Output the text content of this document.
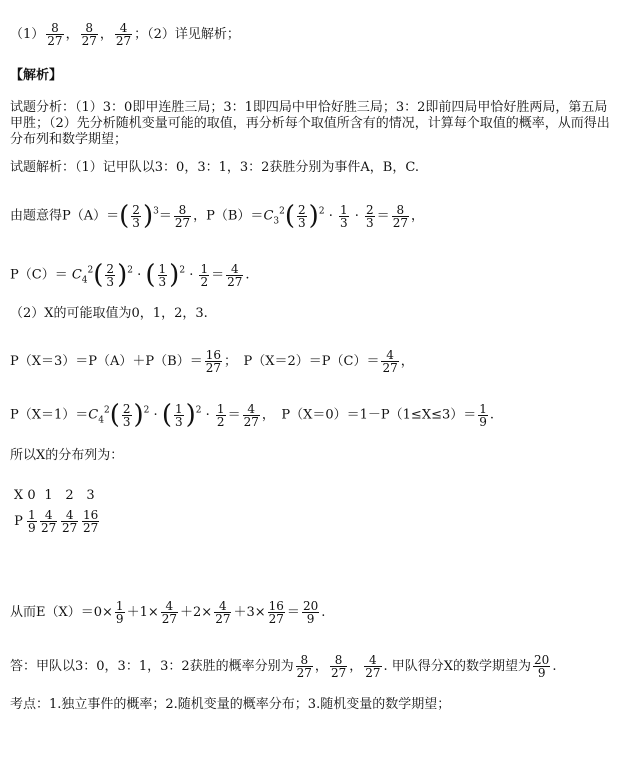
$(1) \frac{8}{27}$ ， $\frac{8}{27}$ ， $\frac{4}{27}$ ；（2）详见解析；
【解析】
试题分析：（1）3：0即甲连胜三局；3：1即四局中甲恰好胜三局；3：2即前四局甲恰好胜两局，第五局甲胜；（2）先分析随机变量可能的取值，再分析每个取值所含有的情况，计算每个取值的概率，从而得出分布列和数学期望；
试题解析：（1）记甲队以3：0，3：1，3：2获胜分别为事件A，B，C.
由题意得$P(A)=( \frac{2}{3} )^3= \frac{8}{27}$ ，$P(B)=C_3^2( \frac{2}{3} )^2 \cdot \frac{1}{3} \cdot \frac{2}{3} = \frac{8}{27}$ ，
$P(C)= C_4^2( \frac{2}{3} )^2$ · ( $\frac{1}{3} )^2 \cdot \frac{1}{2} = \frac{4}{27}$ .
（2）X的可能取值为0，1，2，3.
$P(X=3)=P(A)+P(B)= \frac{16}{27}$ ；　$P(X=2)=P(C)= \frac{4}{27}$ ，
$P(X=1)=C_4^2( \frac{2}{3} )^2$ · ( $\frac{1}{3} )^2 \cdot \frac{1}{2} = \frac{4}{27}$ ，　$P(X=0)=1-P(1\le X\le 3)= \frac{1}{9}$ .
所以X的分布列为：
X 0 1 2 3
P $\frac{1}{9} \frac{4}{27} \frac{4}{27} \frac{16}{27}$
从而$E(X)=0\times \frac{1}{9} +1\times \frac{4}{27} +2\times \frac{4}{27} +3\times \frac{16}{27} = \frac{20}{9}$ .
答：甲队以3：0，3：1，3：2获胜的概率分别为 $\frac{8}{27}$ ， $\frac{8}{27}$ ， $\frac{4}{27}$ . 甲队得分X的数学期望为 $\frac{20}{9}$ .
考点：1.独立事件的概率；2.随机变量的概率分布；3.随机变量的数学期望；
